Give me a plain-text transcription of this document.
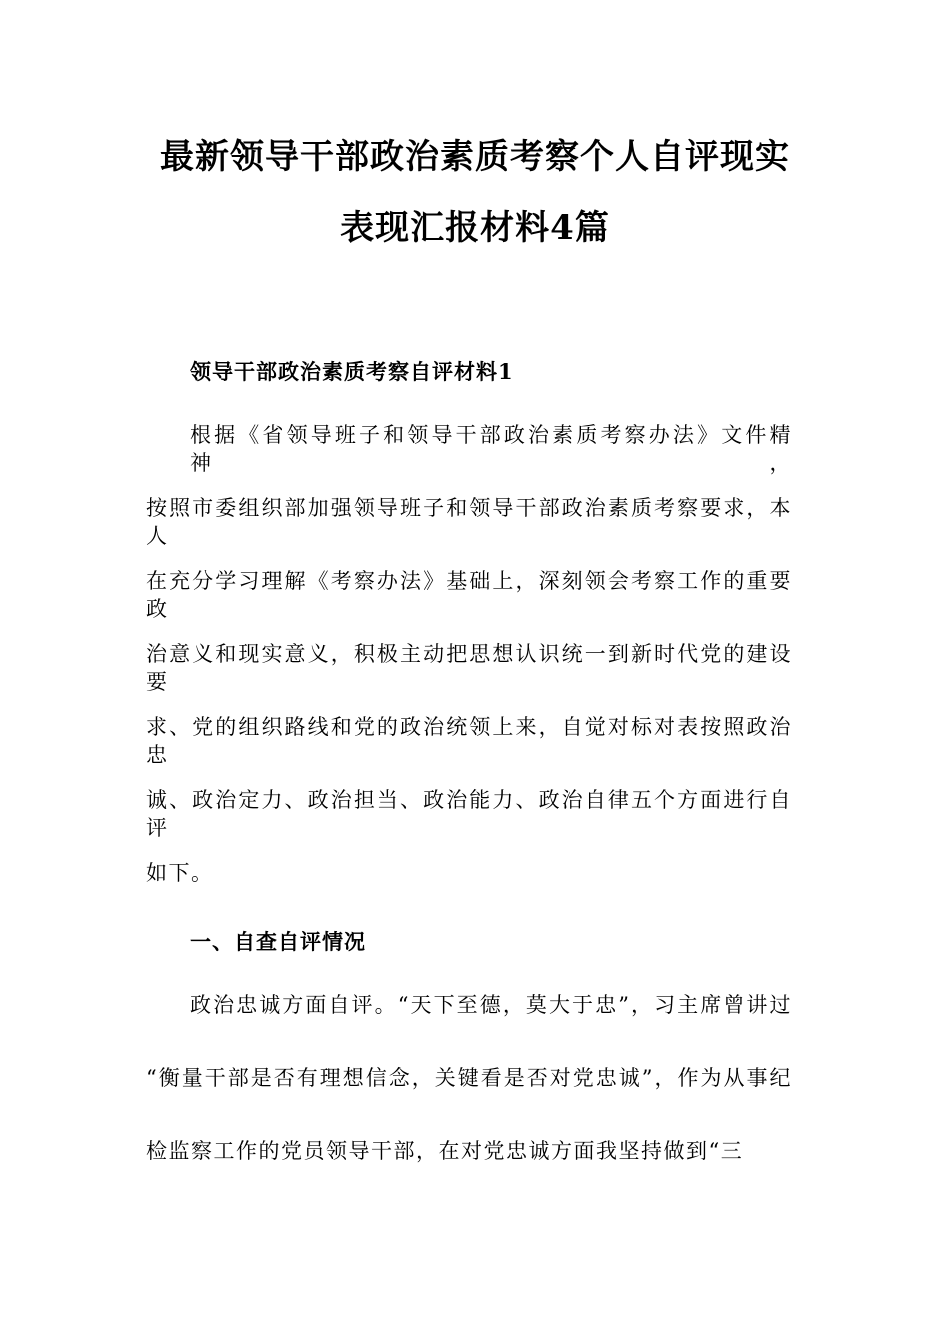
最新领导干部政治素质考察个人自评现实
表现汇报材料4篇
领导干部政治素质考察自评材料1
根据《省领导班子和领导干部政治素质考察办法》文件精神，
按照市委组织部加强领导班子和领导干部政治素质考察要求，本人
在充分学习理解《考察办法》基础上，深刻领会考察工作的重要政
治意义和现实意义，积极主动把思想认识统一到新时代党的建设要
求、党的组织路线和党的政治统领上来，自觉对标对表按照政治忠
诚、政治定力、政治担当、政治能力、政治自律五个方面进行自评
如下。
一、自查自评情况
政治忠诚方面自评。“天下至德，莫大于忠”，习主席曾讲过
“衡量干部是否有理想信念，关键看是否对党忠诚”，作为从事纪
检监察工作的党员领导干部，在对党忠诚方面我坚持做到“三
